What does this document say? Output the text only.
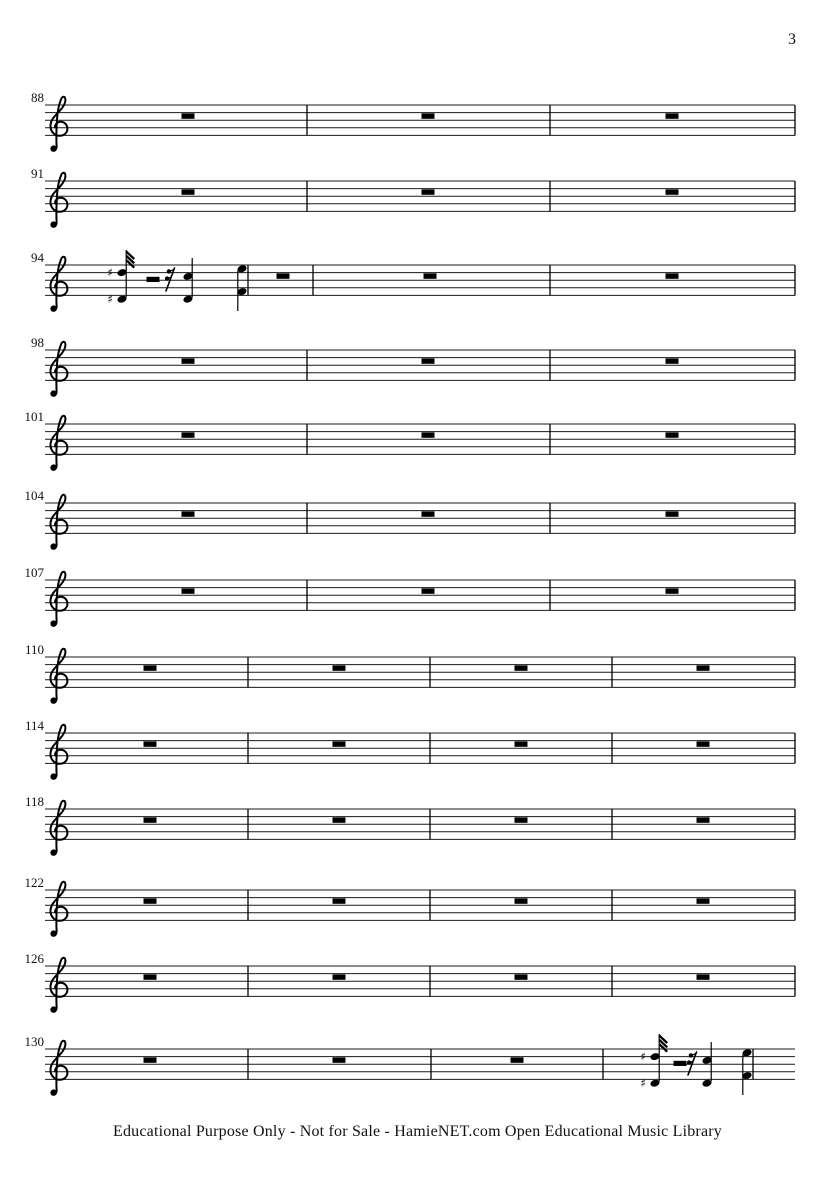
3
88
91
94
♯
♯
98
101
104
107
110
114
118
122
126
130
♯
♯
Educational Purpose Only - Not for Sale - HamieNET.com Open Educational Music Library
